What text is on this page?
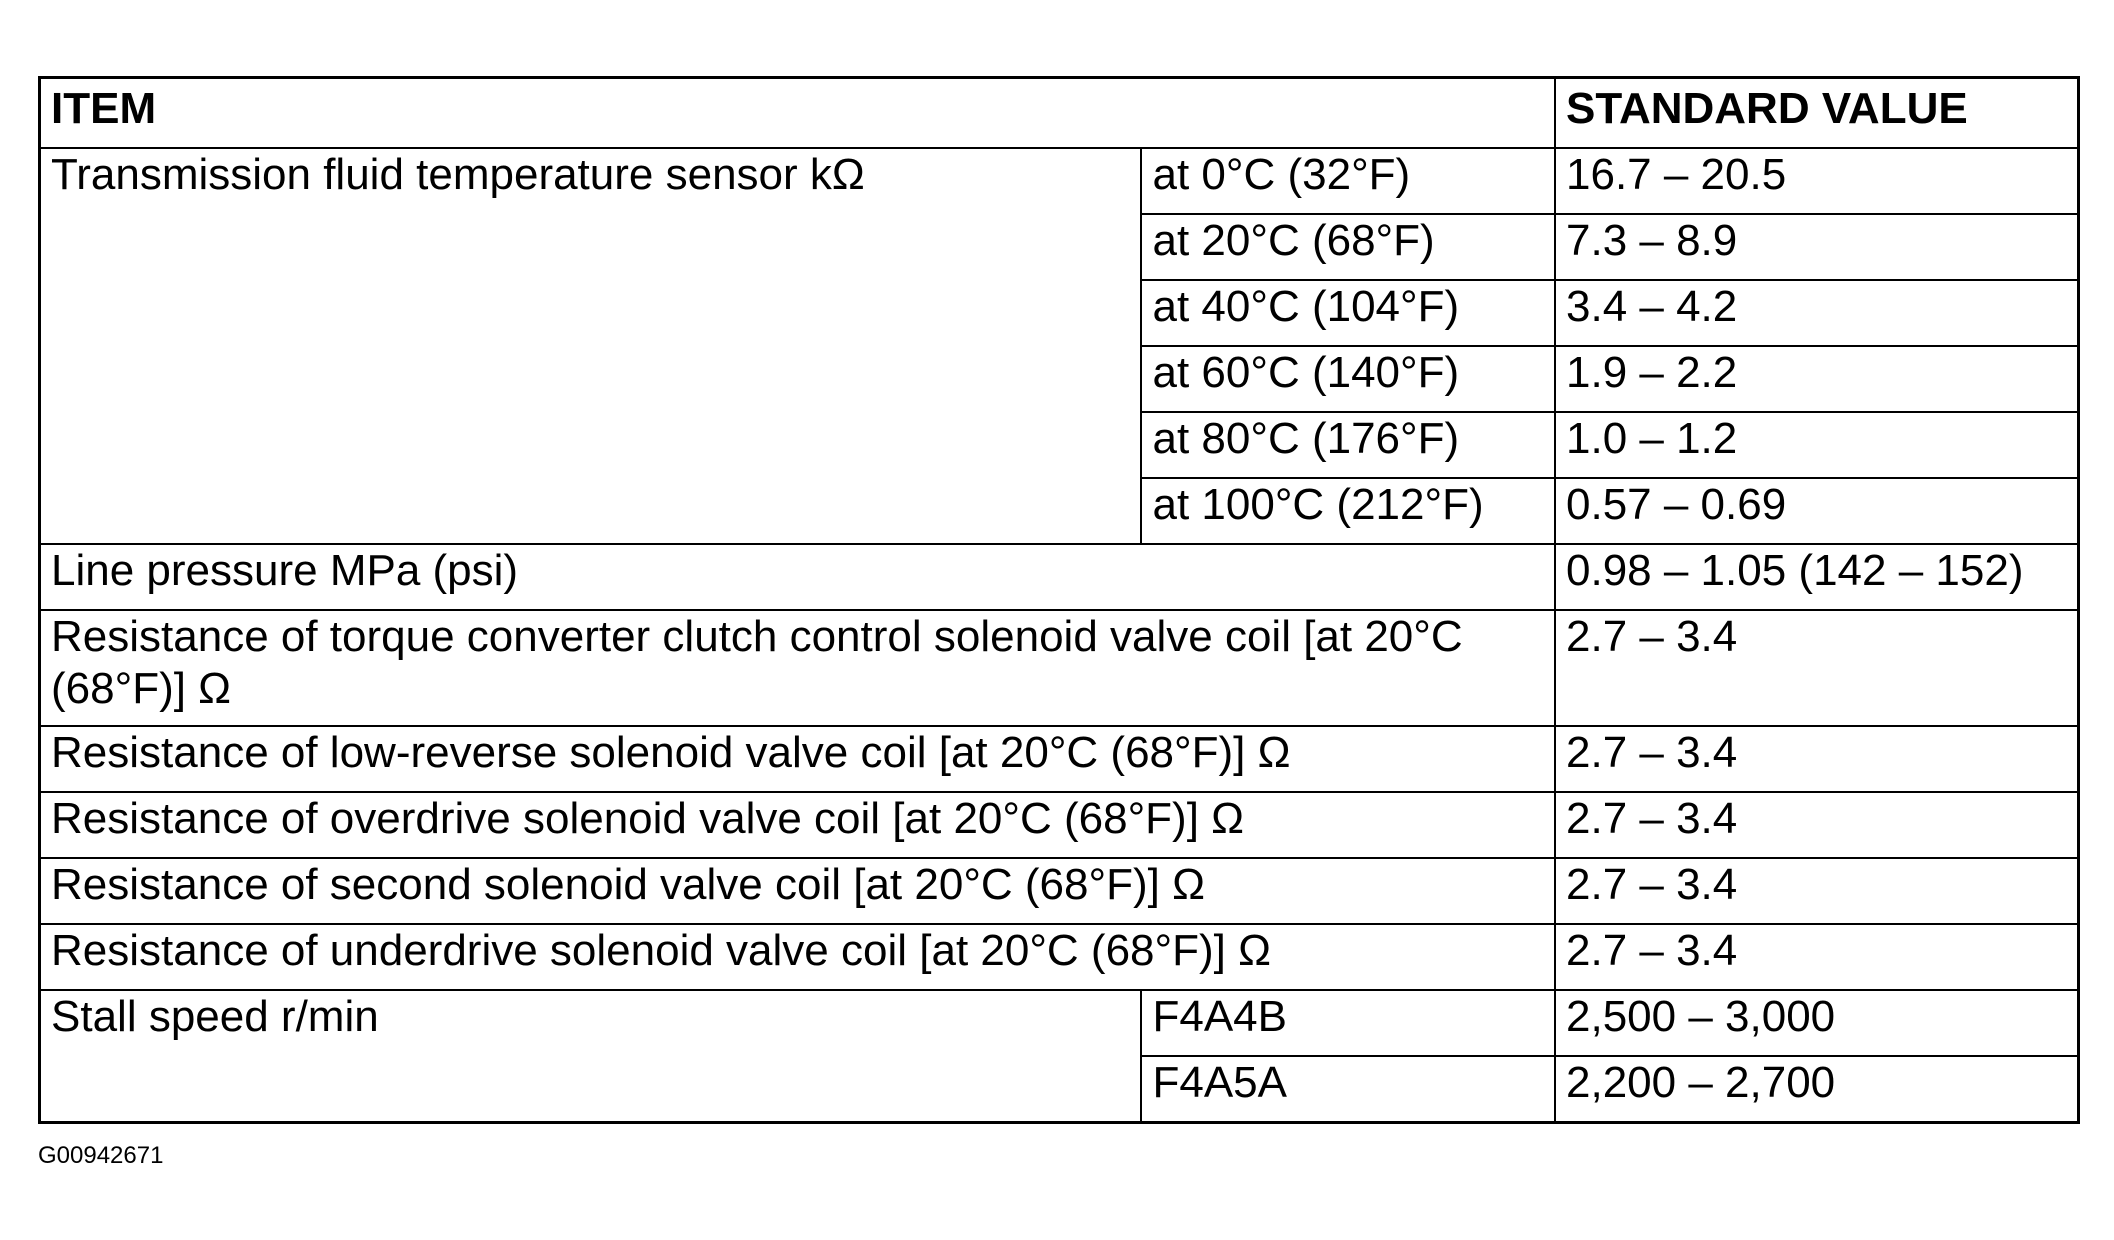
ITEM		STANDARD VALUE
Transmission fluid temperature sensor kΩ	at 0°C (32°F)	16.7 – 20.5
	at 20°C (68°F)	7.3 – 8.9
	at 40°C (104°F)	3.4 – 4.2
	at 60°C (140°F)	1.9 – 2.2
	at 80°C (176°F)	1.0 – 1.2
	at 100°C (212°F)	0.57 – 0.69
Line pressure MPa (psi)		0.98 – 1.05 (142 – 152)
Resistance of torque converter clutch control solenoid valve coil [at 20°C (68°F)] Ω		2.7 – 3.4
Resistance of low-reverse solenoid valve coil [at 20°C (68°F)] Ω		2.7 – 3.4
Resistance of overdrive solenoid valve coil [at 20°C (68°F)] Ω		2.7 – 3.4
Resistance of second solenoid valve coil [at 20°C (68°F)] Ω		2.7 – 3.4
Resistance of underdrive solenoid valve coil [at 20°C (68°F)] Ω		2.7 – 3.4
Stall speed r/min	F4A4B	2,500 – 3,000
	F4A5A	2,200 – 2,700
G00942671
